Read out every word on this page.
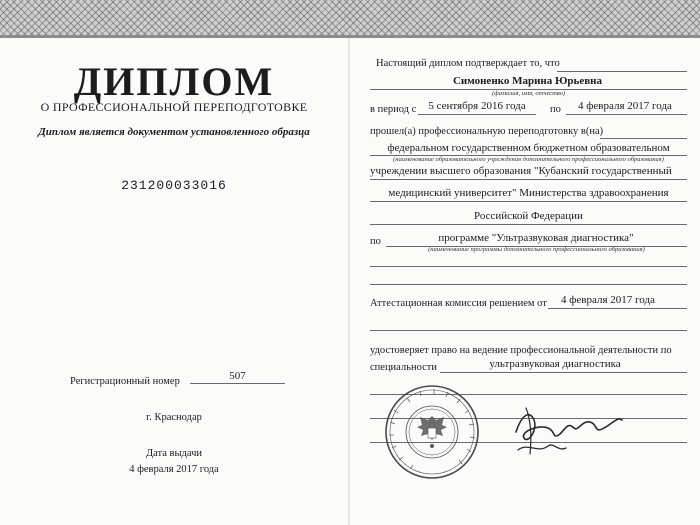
ДИПЛОМ
О ПРОФЕССИОНАЛЬНОЙ ПЕРЕПОДГОТОВКЕ
Диплом является документом установленного образца
231200033016
Регистрационный номер	507
г. Краснодар
Дата выдачи
4 февраля 2017 года
Настоящий диплом подтверждает то, что
Симоненко Марина Юрьевна
(фамилия, имя, отчество)
в период с	5 сентября 2016 года	по	4 февраля 2017 года
прошел(а) профессиональную переподготовку в(на)
федеральном государственном бюджетном образовательном
(наименование образовательного учреждения дополнительного профессионального образования)
учреждении высшего образования "Кубанский государственный
медицинский университет" Министерства здравоохранения
Российской Федерации
по	программе "Ультразвуковая диагностика"
(наименование программы дополнительного профессионального образования)
Аттестационная комиссия решением от	4 февраля 2017 года
удостоверяет право на ведение профессиональной деятельности по
специальности	ультразвуковая диагностика
